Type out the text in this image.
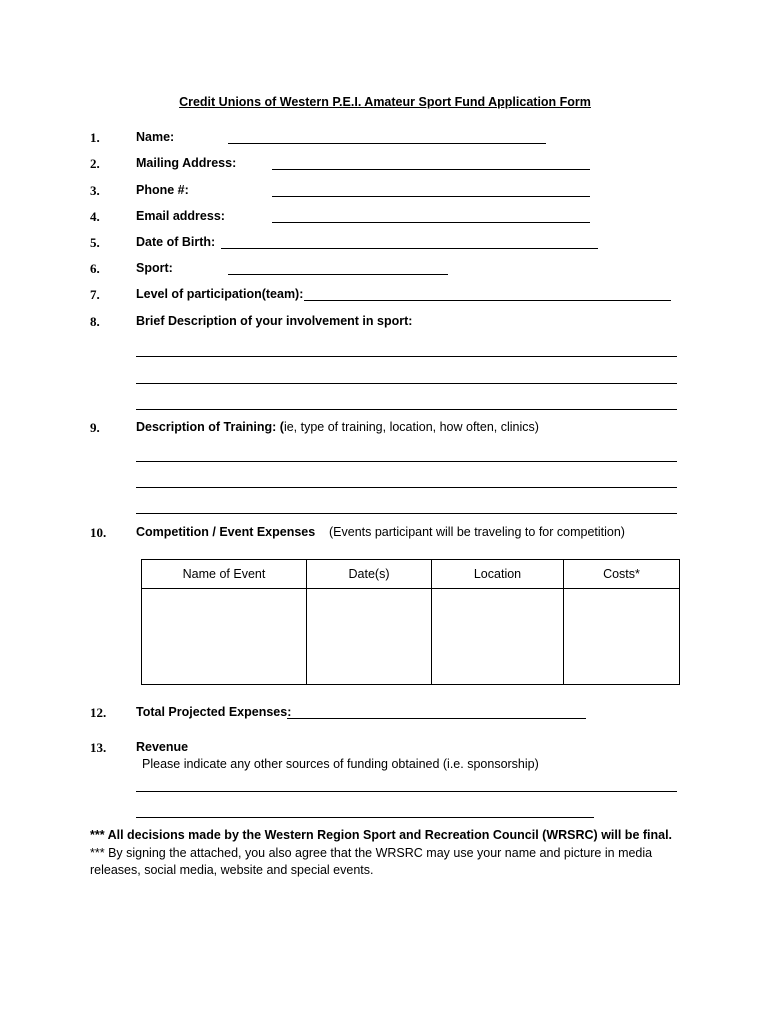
Credit Unions of Western P.E.I. Amateur Sport Fund Application Form
1.	Name:
2.	Mailing Address:
3.	Phone #:
4.	Email address:
5.	Date of Birth:
6.	Sport:
7.	Level of participation(team):
8.	Brief Description of your involvement in sport:
9.	Description of Training: (ie, type of training, location, how often, clinics)
10. Competition / Event Expenses (Events participant will be traveling to for competition)
Name of Event	Date(s)	Location	Costs*

12. Total Projected Expenses:
13. Revenue
Please indicate any other sources of funding obtained (i.e. sponsorship)
*** All decisions made by the Western Region Sport and Recreation Council (WRSRC) will be final.
*** By signing the attached, you also agree that the WRSRC may use your name and picture in media
releases, social media, website and special events.
